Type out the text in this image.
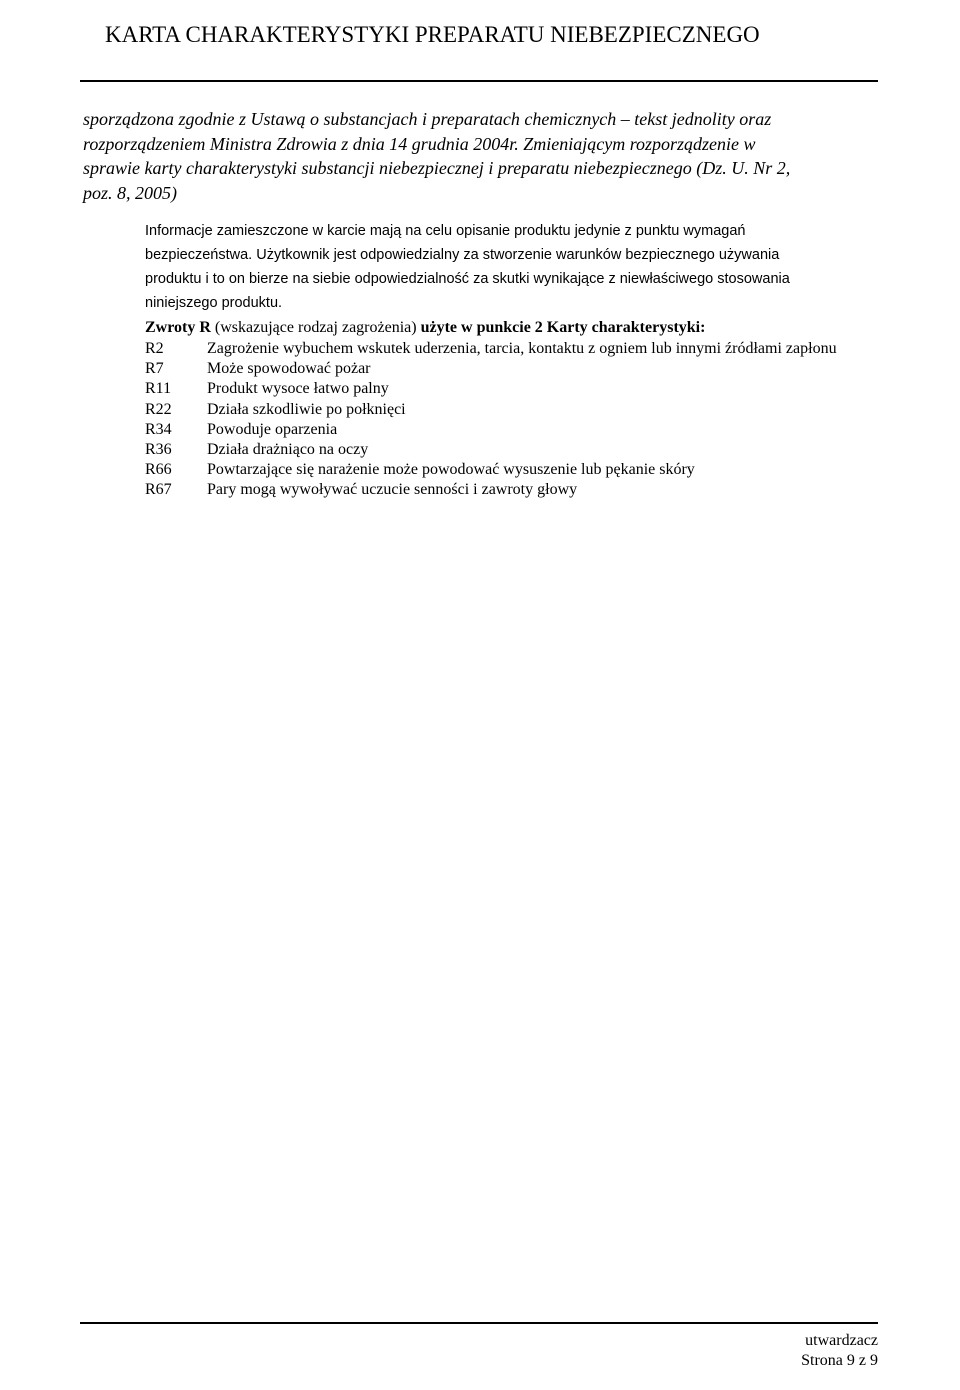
KARTA CHARAKTERYSTYKI PREPARATU NIEBEZPIECZNEGO
sporządzona zgodnie z Ustawą o substancjach i preparatach chemicznych – tekst jednolity oraz
rozporządzeniem Ministra Zdrowia z dnia 14 grudnia 2004r. Zmieniającym rozporządzenie w
sprawie karty charakterystyki substancji niebezpiecznej i preparatu niebezpiecznego (Dz. U. Nr 2,
poz. 8, 2005)
Informacje zamieszczone w karcie mają na celu opisanie produktu jedynie z punktu wymagań
bezpieczeństwa. Użytkownik jest odpowiedzialny za stworzenie warunków bezpiecznego używania
produktu i to on bierze na siebie odpowiedzialność za skutki wynikające z niewłaściwego stosowania
niniejszego produktu.
Zwroty R (wskazujące rodzaj zagrożenia) użyte w punkcie 2 Karty charakterystyki:
R2	Zagrożenie wybuchem wskutek uderzenia, tarcia, kontaktu z ogniem lub innymi źródłami zapłonu
R7	Może spowodować pożar
R11	Produkt wysoce łatwo palny
R22	Działa szkodliwie po połknięci
R34	Powoduje oparzenia
R36	Działa drażniąco na oczy
R66	Powtarzające się narażenie może powodować wysuszenie lub pękanie skóry
R67	Pary mogą wywoływać uczucie senności i zawroty głowy
utwardzacz
Strona 9 z 9
